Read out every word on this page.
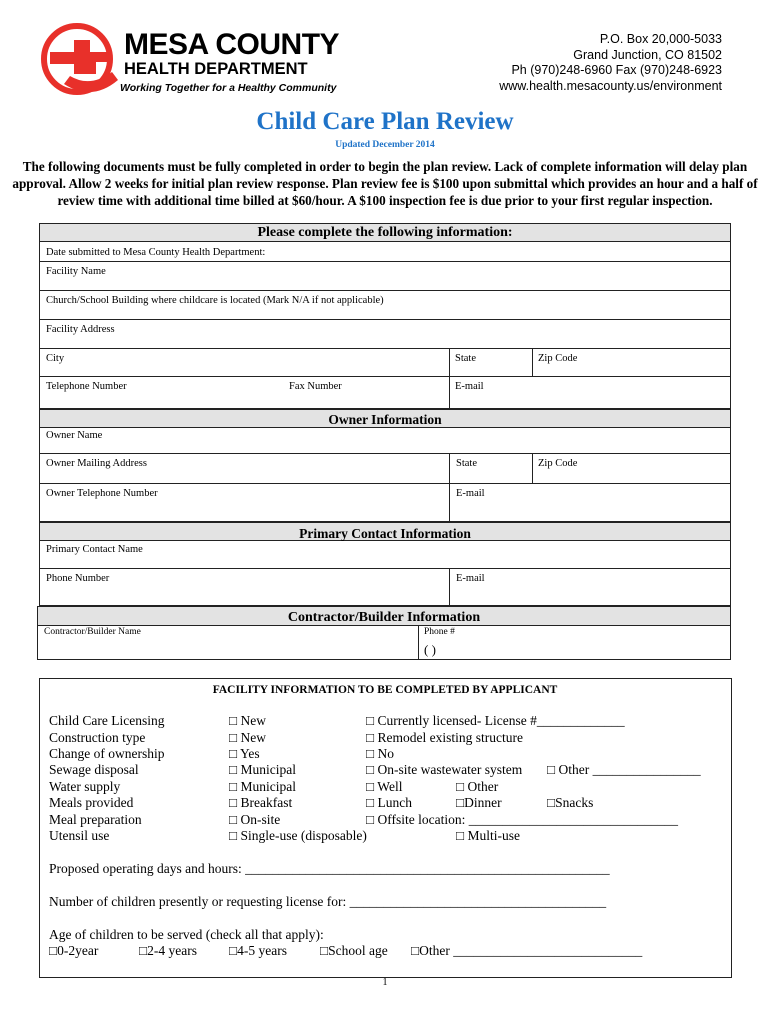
MESA COUNTY
HEALTH DEPARTMENT
Working Together for a Healthy Community
P.O. Box 20,000-5033
Grand Junction, CO 81502
Ph (970)248-6960 Fax (970)248-6923
www.health.mesacounty.us/environment
Child Care Plan Review
Updated December 2014
The following documents must be fully completed in order to begin the plan review. Lack of complete information will delay plan approval. Allow 2 weeks for initial plan review response. Plan review fee is $100 upon submittal which provides an hour and a half of review time with additional time billed at $60/hour. A $100 inspection fee is due prior to your first regular inspection.
Please complete the following information:
Date submitted to Mesa County Health Department:
Facility Name
Church/School Building where childcare is located (Mark N/A if not applicable)
Facility Address
City	State	Zip Code
Telephone Number	Fax Number	E-mail
Owner Information
Owner Name
Owner Mailing Address	State	Zip Code
Owner Telephone Number	E-mail
Primary Contact Information
Primary Contact Name
Phone Number	E-mail
Contractor/Builder Information
Contractor/Builder Name	Phone #
( )
FACILITY INFORMATION TO BE COMPLETED BY APPLICANT
Child Care Licensing	□ New	□ Currently licensed- License #_____________
Construction type	□ New	□ Remodel existing structure
Change of ownership	□ Yes	□ No
Sewage disposal	□ Municipal	□ On-site wastewater system □ Other ________________
Water supply	□ Municipal	□ Well	□ Other
Meals provided	□ Breakfast	□ Lunch	□Dinner	□Snacks
Meal preparation	□ On-site	□ Offsite location: _______________________________
Utensil use	□ Single-use (disposable)	□ Multi-use
Proposed operating days and hours: ______________________________________________________
Number of children presently or requesting license for: ______________________________________
Age of children to be served (check all that apply):
□0-2year	□2-4 years □4-5 years □School age □Other ____________________________
1
